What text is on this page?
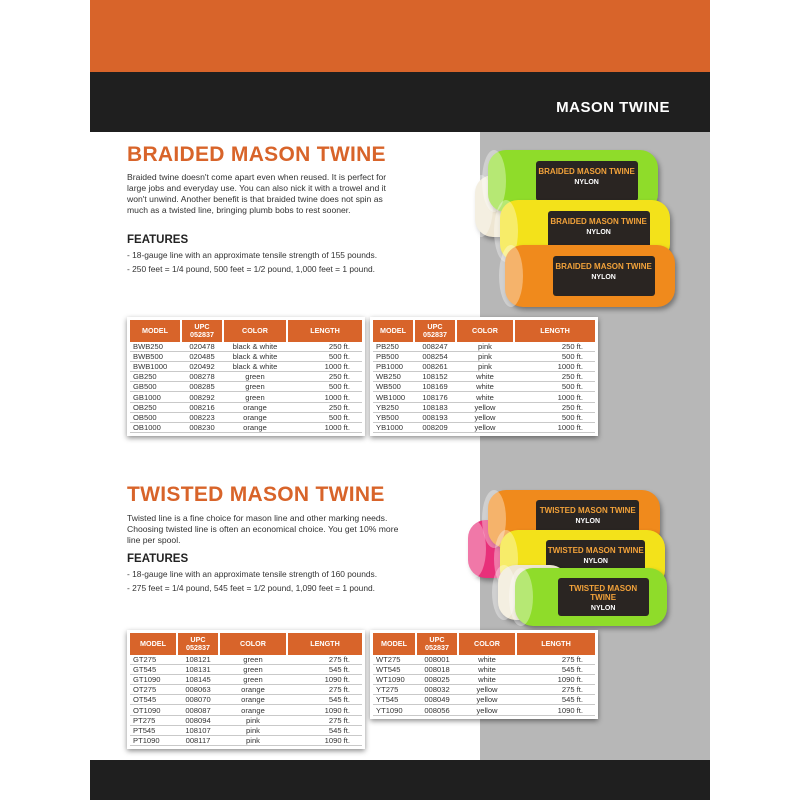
MASON TWINE
BRAIDED MASON TWINE
Braided twine doesn't come apart even when reused. It is perfect for large jobs and everyday use. You can also nick it with a trowel and it won't unwind. Another benefit is that braided twine does not spin as much as a twisted line, bringing plumb bobs to rest sooner.
FEATURES
- 18-gauge line with an approximate tensile strength of 155 pounds.
- 250 feet = 1/4 pound, 500 feet = 1/2 pound, 1,000 feet = 1 pound.
BRAIDED MASON TWINE
NYLON
BRAIDED MASON TWINE
NYLON
BRAIDED MASON TWINE
NYLON
MODEL	UPC 052837	COLOR	LENGTH
BWB250	020478	black & white	250 ft.
BWB500	020485	black & white	500 ft.
BWB1000	020492	black & white	1000 ft.
GB250	008278	green	250 ft.
GB500	008285	green	500 ft.
GB1000	008292	green	1000 ft.
OB250	008216	orange	250 ft.
OB500	008223	orange	500 ft.
OB1000	008230	orange	1000 ft.
MODEL	UPC 052837	COLOR	LENGTH
PB250	008247	pink	250 ft.
PB500	008254	pink	500 ft.
PB1000	008261	pink	1000 ft.
WB250	108152	white	250 ft.
WB500	108169	white	500 ft.
WB1000	108176	white	1000 ft.
YB250	108183	yellow	250 ft.
YB500	008193	yellow	500 ft.
YB1000	008209	yellow	1000 ft.
TWISTED MASON TWINE
Twisted line is a fine choice for mason line and other marking needs. Choosing twisted line is often an economical choice. You get 10% more line per spool.
FEATURES
- 18-gauge line with an approximate tensile strength of 160 pounds.
- 275 feet = 1/4 pound, 545 feet = 1/2 pound, 1,090 feet = 1 pound.
TWISTED MASON TWINE
NYLON
TWISTED MASON TWINE
NYLON
TWISTED MASON TWINE
NYLON
MODEL	UPC 052837	COLOR	LENGTH
GT275	108121	green	275 ft.
GT545	108131	green	545 ft.
GT1090	108145	green	1090 ft.
OT275	008063	orange	275 ft.
OT545	008070	orange	545 ft.
OT1090	008087	orange	1090 ft.
PT275	008094	pink	275 ft.
PT545	108107	pink	545 ft.
PT1090	008117	pink	1090 ft.
MODEL	UPC 052837	COLOR	LENGTH
WT275	008001	white	275 ft.
WT545	008018	white	545 ft.
WT1090	008025	white	1090 ft.
YT275	008032	yellow	275 ft.
YT545	008049	yellow	545 ft.
YT1090	008056	yellow	1090 ft.
